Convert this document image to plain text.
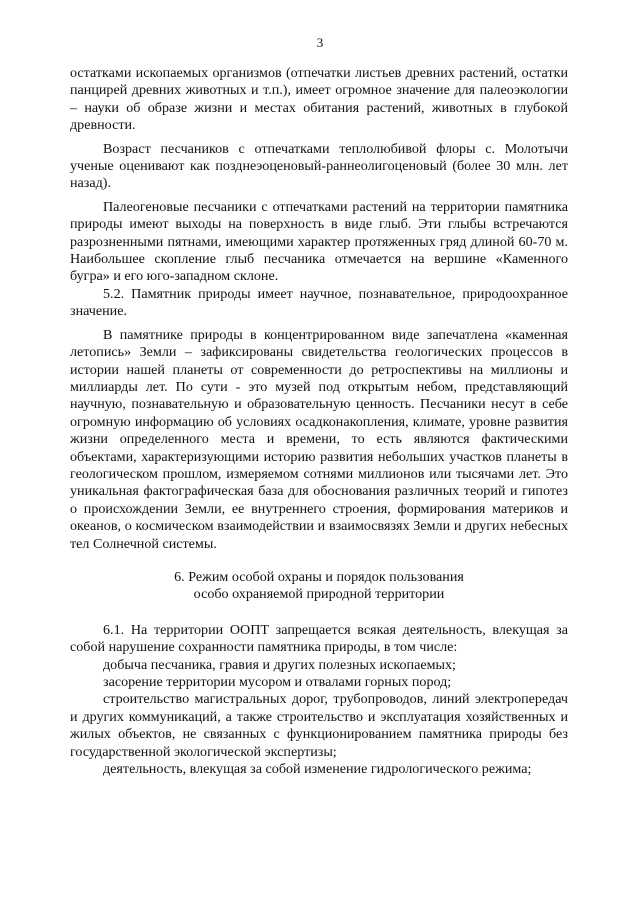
3

остатками ископаемых организмов (отпечатки листьев древних растений, остатки панцирей древних животных и т.п.), имеет огромное значение для палеоэкологии – науки об образе жизни и местах обитания растений, животных в глубокой древности.

Возраст песчаников с отпечатками теплолюбивой флоры с. Молотычи ученые оценивают как позднеэоценовый-раннеолигоценовый (более 30 млн. лет назад).

Палеогеновые песчаники с отпечатками растений на территории памятника природы имеют выходы на поверхность в виде глыб. Эти глыбы встречаются разрозненными пятнами, имеющими характер протяженных гряд длиной 60-70 м. Наибольшее скопление глыб песчаника отмечается на вершине «Каменного бугра» и его юго-западном склоне.

5.2. Памятник природы имеет научное, познавательное, природоохранное значение.

В памятнике природы в концентрированном виде запечатлена «каменная летопись» Земли – зафиксированы свидетельства геологических процессов в истории нашей планеты от современности до ретроспективы на миллионы и миллиарды лет. По сути - это музей под открытым небом, представляющий научную, познавательную и образовательную ценность. Песчаники несут в себе огромную информацию об условиях осадконакопления, климате, уровне развития жизни определенного места и времени, то есть являются фактическими объектами, характеризующими историю развития небольших участков планеты в геологическом прошлом, измеряемом сотнями миллионов или тысячами лет. Это уникальная фактографическая база для обоснования различных теорий и гипотез о происхождении Земли, ее внутреннего строения, формирования материков и океанов, о космическом взаимодействии и взаимосвязях Земли и других небесных тел Солнечной системы.

6. Режим особой охраны и порядок пользования
особо охраняемой природной территории

6.1. На территории ООПТ запрещается всякая деятельность, влекущая за собой нарушение сохранности памятника природы, в том числе:

добыча песчаника, гравия и других полезных ископаемых;

засорение территории мусором и отвалами горных пород;

строительство магистральных дорог, трубопроводов, линий электропередач и других коммуникаций, а также строительство и эксплуатация хозяйственных и жилых объектов, не связанных с функционированием памятника природы без государственной экологической экспертизы;

деятельность, влекущая за собой изменение гидрологического режима;
